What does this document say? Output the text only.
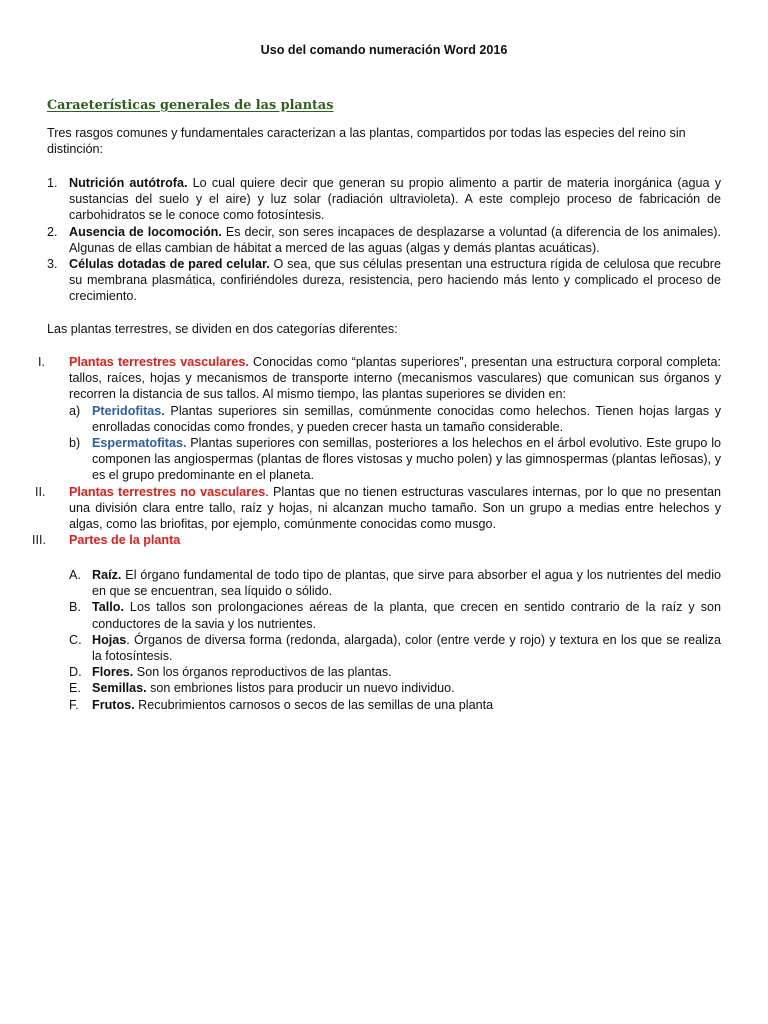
Uso del comando numeración Word 2016
Caraeterísticas generales de las plantas

Tres rasgos comunes y fundamentales caracterizan a las plantas, compartidos por todas las especies del reino sin distinción:

1. Nutrición autótrofa. Lo cual quiere decir que generan su propio alimento a partir de materia inorgánica (agua y sustancias del suelo y el aire) y luz solar (radiación ultravioleta). A este complejo proceso de fabricación de carbohidratos se le conoce como fotosíntesis.
2. Ausencia de locomoción. Es decir, son seres incapaces de desplazarse a voluntad (a diferencia de los animales). Algunas de ellas cambian de hábitat a merced de las aguas (algas y demás plantas acuáticas).
3. Células dotadas de pared celular. O sea, que sus células presentan una estructura rígida de celulosa que recubre su membrana plasmática, confiriéndoles dureza, resistencia, pero haciendo más lento y complicado el proceso de crecimiento.

Las plantas terrestres, se dividen en dos categorías diferentes:

I. Plantas terrestres vasculares. Conocidas como “plantas superiores”, presentan una estructura corporal completa: tallos, raíces, hojas y mecanismos de transporte interno (mecanismos vasculares) que comunican sus órganos y recorren la distancia de sus tallos. Al mismo tiempo, las plantas superiores se dividen en:
a) Pteridofitas. Plantas superiores sin semillas, comúnmente conocidas como helechos. Tienen hojas largas y enrolladas conocidas como frondes, y pueden crecer hasta un tamaño considerable.
b) Espermatofitas. Plantas superiores con semillas, posteriores a los helechos en el árbol evolutivo. Este grupo lo componen las angiospermas (plantas de flores vistosas y mucho polen) y las gimnospermas (plantas leñosas), y es el grupo predominante en el planeta.
II. Plantas terrestres no vasculares. Plantas que no tienen estructuras vasculares internas, por lo que no presentan una división clara entre tallo, raíz y hojas, ni alcanzan mucho tamaño. Son un grupo a medias entre helechos y algas, como las briofitas, por ejemplo, comúnmente conocidas como musgo.
III. Partes de la planta
A. Raíz. El órgano fundamental de todo tipo de plantas, que sirve para absorber el agua y los nutrientes del medio en que se encuentran, sea líquido o sólido.
B. Tallo. Los tallos son prolongaciones aéreas de la planta, que crecen en sentido contrario de la raíz y son conductores de la savia y los nutrientes.
C. Hojas. Órganos de diversa forma (redonda, alargada), color (entre verde y rojo) y textura en los que se realiza la fotosíntesis.
D. Flores. Son los órganos reproductivos de las plantas.
E. Semillas. son embriones listos para producir un nuevo individuo.
F. Frutos. Recubrimientos carnosos o secos de las semillas de una planta
